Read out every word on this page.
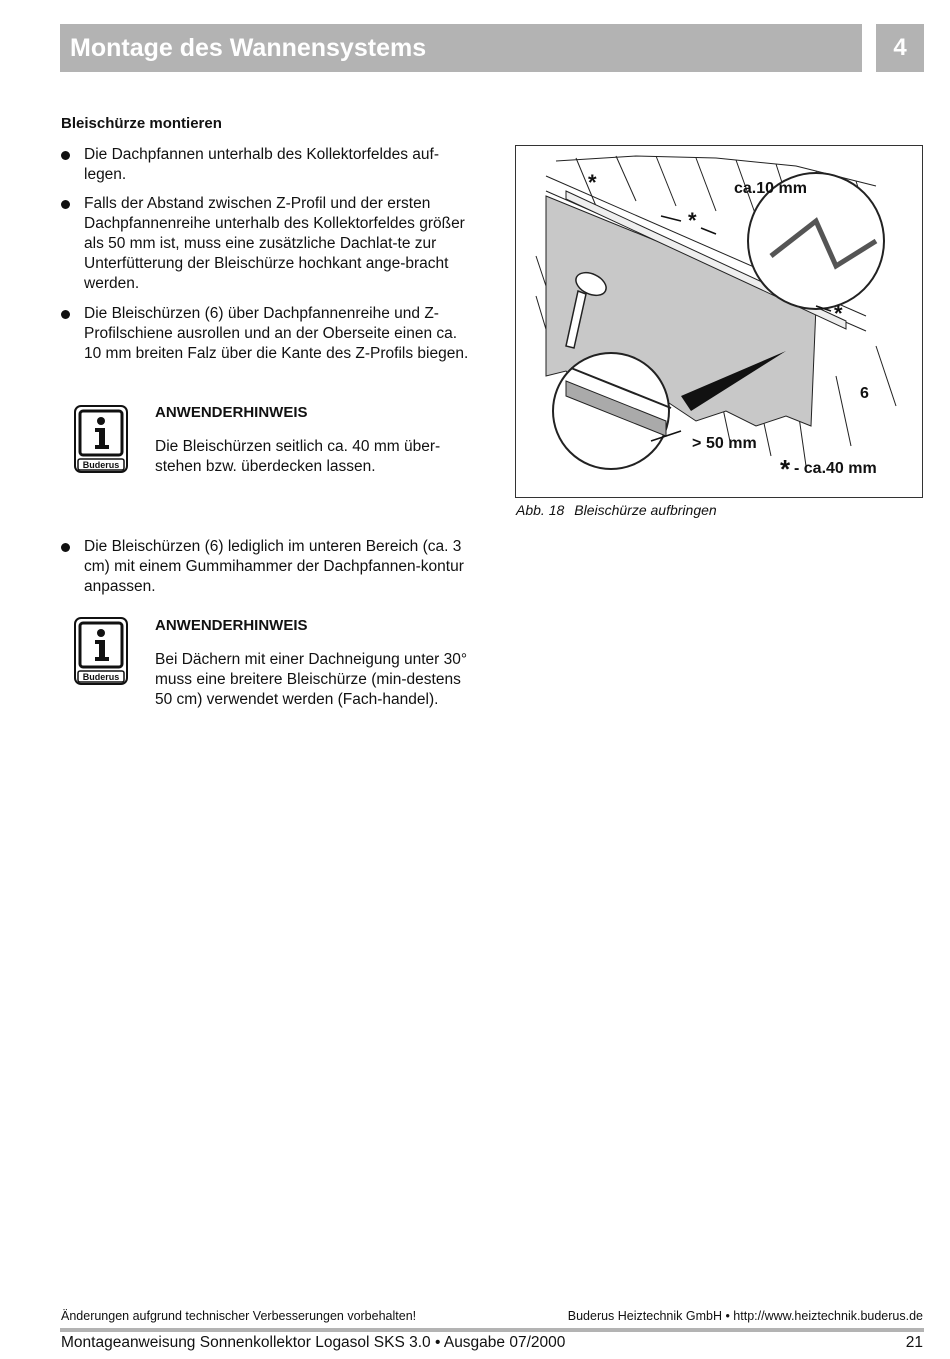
Montage des Wannensystems	4
Bleischürze montieren
Die Dachpfannen unterhalb des Kollektorfeldes auf-legen.
Falls der Abstand zwischen Z-Profil und der ersten Dachpfannenreihe unterhalb des Kollektorfeldes größer als 50 mm ist, muss eine zusätzliche Dachlat-te zur Unterfütterung der Bleischürze hochkant ange-bracht werden.
Die Bleischürzen (6) über Dachpfannenreihe und Z-Profilschiene ausrollen und an der Oberseite einen ca. 10 mm breiten Falz über die Kante des Z-Profils biegen.
Buderus
ANWENDERHINWEIS
Die Bleischürzen seitlich ca. 40 mm über-stehen bzw. überdecken lassen.
Die Bleischürzen (6) lediglich im unteren Bereich (ca. 3 cm) mit einem Gummihammer der Dachpfannen-kontur anpassen.
Buderus
ANWENDERHINWEIS
Bei Dächern mit einer Dachneigung unter 30° muss eine breitere Bleischürze (min-destens 50 cm) verwendet werden (Fach-handel).
ca.10 mm
6
> 50 mm
* - ca.40 mm
*
*
*
Abb. 18 Bleischürze aufbringen
Änderungen aufgrund technischer Verbesserungen vorbehalten!	Buderus Heiztechnik GmbH • http://www.heiztechnik.buderus.de
Montageanweisung Sonnenkollektor Logasol SKS 3.0 • Ausgabe 07/2000	21
